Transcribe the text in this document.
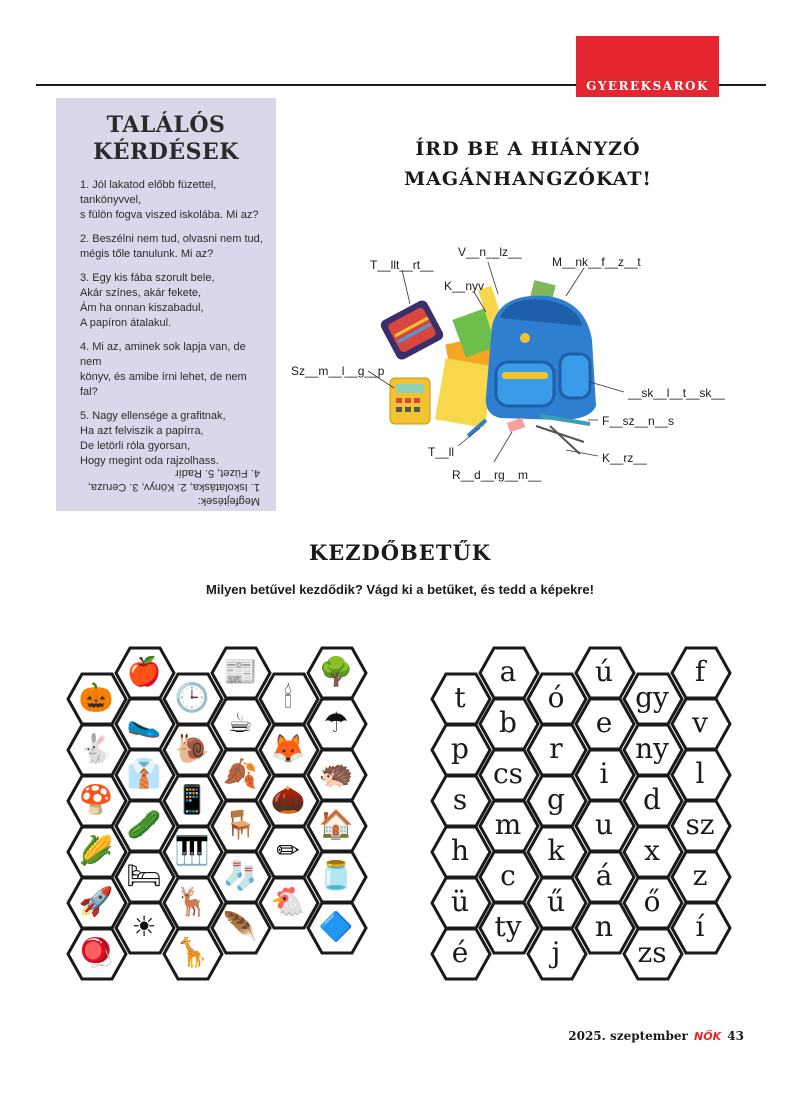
GYEREKSAROK
TALÁLÓS
KÉRDÉSEK
1. Jól lakatod előbb füzettel,
tankönyvvel,
s fülön fogva viszed iskolába. Mi az?
2. Beszélni nem tud, olvasni nem tud,
mégis tőle tanulunk. Mi az?
3. Egy kis fába szorult bele,
Akár színes, akár fekete,
Ám ha onnan kiszabadul,
A papíron átalakul.
4. Mi az, aminek sok lapja van, de nem
könyv, és amibe írni lehet, de nem fal?
5. Nagy ellensége a grafitnak,
Ha azt felviszik a papírra,
De letörli róla gyorsan,
Hogy megint oda rajzolhass.
Megfejtések:
1. Iskolatáska, 2. Könyv, 3. Ceruza,
4. Füzet, 5. Radír
ÍRD BE A HIÁNYZÓ
MAGÁNHANGZÓKAT!
T__llt__rt__
V__n__lz__
K__nyv
M__nk__f__z__t
Sz__m__l__g__p
__sk__l__t__sk__
F__sz__n__s
T__ll	K__rz__
R__d__rg__m__
KEZDŐBETŰK
Milyen betűvel kezdődik? Vágd ki a betűket, és tedd a képekre!
🍎	📰	🌳
🎃	🕒	🕯
🥿	☕	☂
🐇	🐌	🦊
👔	🍂	🦔
🍄	📱	🌰
🥒	🪑	🏠
🌽	🎹	✏
🛏	🧦	🫙
🚀	🦌	🐔
☀	🪶	🔷
🪀	🦒
a	ú	f
t	ó	gy
b	e	v
p	r	ny
cs	i	l
s	g	d
m	u	sz
h	k	x
c	á	z
ü	ű	ő
ty	n	í
é	j	zs
2025. szeptember NŐK 43
